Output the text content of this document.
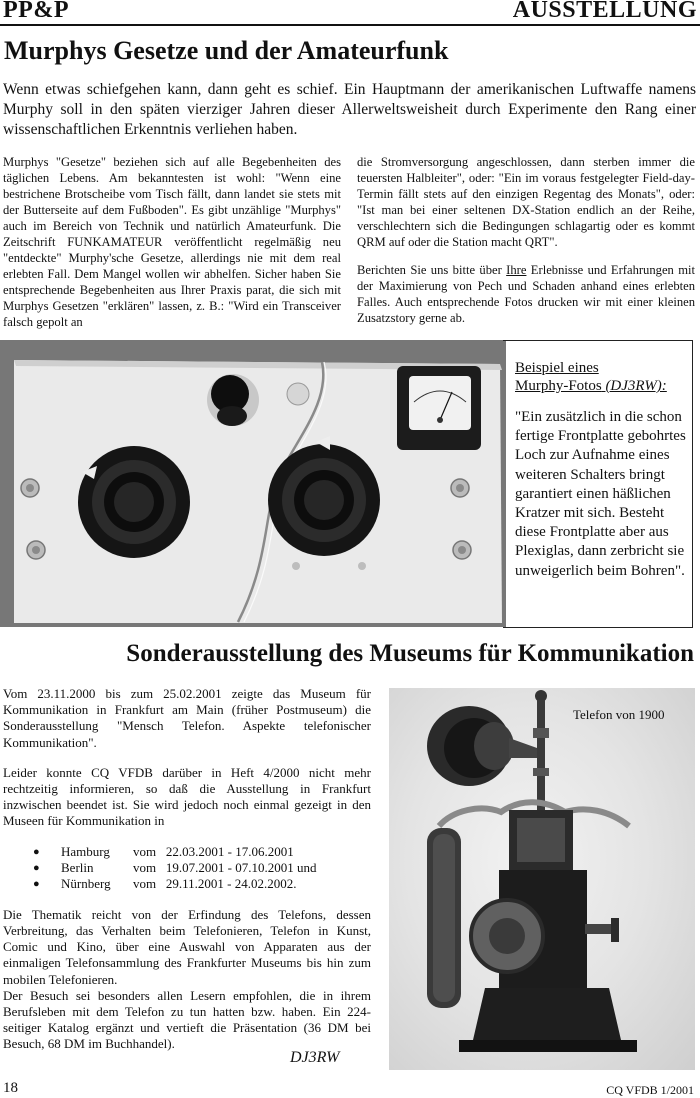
PP&P	AUSSTELLUNG
Murphys Gesetze und der Amateurfunk
Wenn etwas schiefgehen kann, dann geht es schief. Ein Hauptmann der amerikanischen Luftwaffe namens Murphy soll in den späten vierziger Jahren dieser Allerweltsweisheit durch Experimente den Rang einer wissenschaftlichen Erkenntnis verliehen haben.

Murphys "Gesetze" beziehen sich auf alle Begebenheiten des täglichen Lebens. Am bekanntesten ist wohl: "Wenn eine bestrichene Brotscheibe vom Tisch fällt, dann landet sie stets mit der Butterseite auf dem Fußboden". Es gibt unzählige "Murphys" auch im Bereich von Technik und natürlich Amateurfunk. Die Zeitschrift FUNKAMATEUR veröffentlicht regelmäßig neu "entdeckte" Murphy'sche Gesetze, allerdings nie mit dem real erlebten Fall. Dem Mangel wollen wir abhelfen. Sicher haben Sie entsprechende Begebenheiten aus Ihrer Praxis parat, die sich mit Murphys Gesetzen "erklären" lassen, z. B.: "Wird ein Transceiver falsch gepolt an

die Stromversorgung angeschlossen, dann sterben immer die teuersten Halbleiter", oder: "Ein im voraus festgelegter Field-day-Termin fällt stets auf den einzigen Regentag des Monats", oder: "Ist man bei einer seltenen DX-Station endlich an der Reihe, verschlechtern sich die Bedingungen schlagartig oder es kommt QRM auf oder die Station macht QRT".

Berichten Sie uns bitte über Ihre Erlebnisse und Erfahrungen mit der Maximierung von Pech und Schaden anhand eines erlebten Falles. Auch entsprechende Fotos drucken wir mit einer kleinen Zusatzstory gerne ab.

Beispiel eines
Murphy-Fotos (DJ3RW):
"Ein zusätzlich in die schon fertige Frontplatte gebohrtes Loch zur Aufnahme eines weiteren Schalters bringt garantiert einen häßlichen Kratzer mit sich. Besteht diese Frontplatte aber aus Plexiglas, dann zerbricht sie unweigerlich beim Bohren".
Sonderausstellung des Museums für Kommunikation

Vom 23.11.2000 bis zum 25.02.2001 zeigte das Museum für Kommunikation in Frankfurt am Main (früher Postmuseum) die Sonderausstellung "Mensch Telefon. Aspekte telefonischer Kommunikation".

Leider konnte CQ VFDB darüber in Heft 4/2000 nicht mehr rechtzeitig informieren, so daß die Ausstellung in Frankfurt inzwischen beendet ist. Sie wird jedoch noch einmal gezeigt in den Museen für Kommunikation in

● Hamburg vom 22.03.2001 - 17.06.2001
● Berlin	vom 19.07.2001 - 07.10.2001 und
● Nürnberg vom 29.11.2001 - 24.02.2002.

Die Thematik reicht von der Erfindung des Telefons, dessen Verbreitung, das Verhalten beim Telefonieren, Telefon in Kunst, Comic und Kino, über eine Auswahl von Apparaten aus der einmaligen Telefonsammlung des Frankfurter Museums bis hin zum mobilen Telefonieren.

Der Besuch sei besonders allen Lesern empfohlen, die in ihrem Berufsleben mit dem Telefon zu tun hatten bzw. haben. Ein 224-seitiger Katalog ergänzt und vertieft die Präsentation (36 DM bei Besuch, 68 DM im Buchhandel).

DJ3RW
Telefon von 1900
18	CQ VFDB 1/2001
